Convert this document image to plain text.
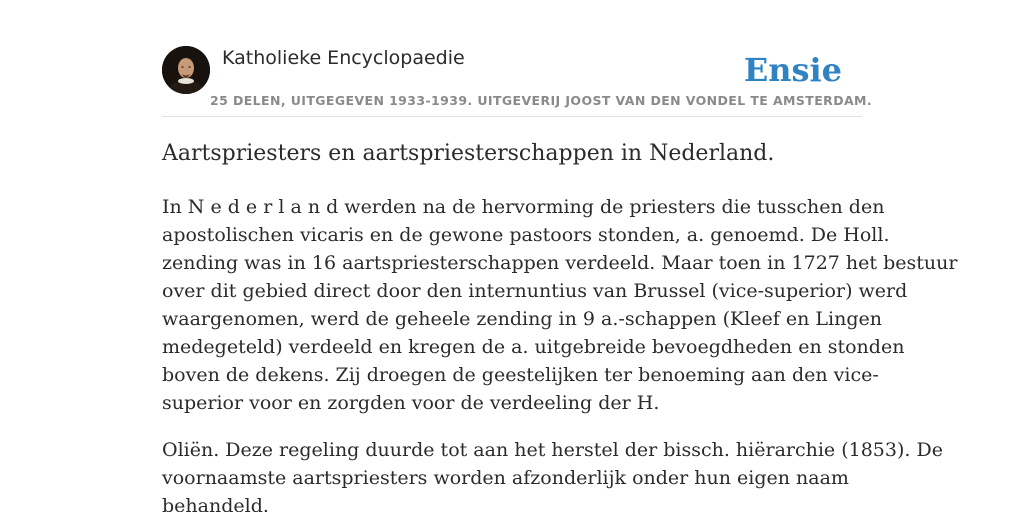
Katholieke Encyclopaedie
25 DELEN, UITGEGEVEN 1933-1939. UITGEVERIJ JOOST VAN DEN VONDEL TE AMSTERDAM.
Ensie
Aartspriesters en aartspriesterschappen in Nederland.

In N e d e r l a n d werden na de hervorming de priesters die tusschen den
apostolischen vicaris en de gewone pastoors stonden, a. genoemd. De Holl.
zending was in 16 aartspriesterschappen verdeeld. Maar toen in 1727 het bestuur
over dit gebied direct door den internuntius van Brussel (vice-superior) werd
waargenomen, werd de geheele zending in 9 a.-schappen (Kleef en Lingen
medegeteld) verdeeld en kregen de a. uitgebreide bevoegdheden en stonden
boven de dekens. Zij droegen de geestelijken ter benoeming aan den vice-
superior voor en zorgden voor de verdeeling der H.

Oliën. Deze regeling duurde tot aan het herstel der bissch. hiërarchie (1853). De
voornaamste aartspriesters worden afzonderlijk onder hun eigen naam
behandeld.
